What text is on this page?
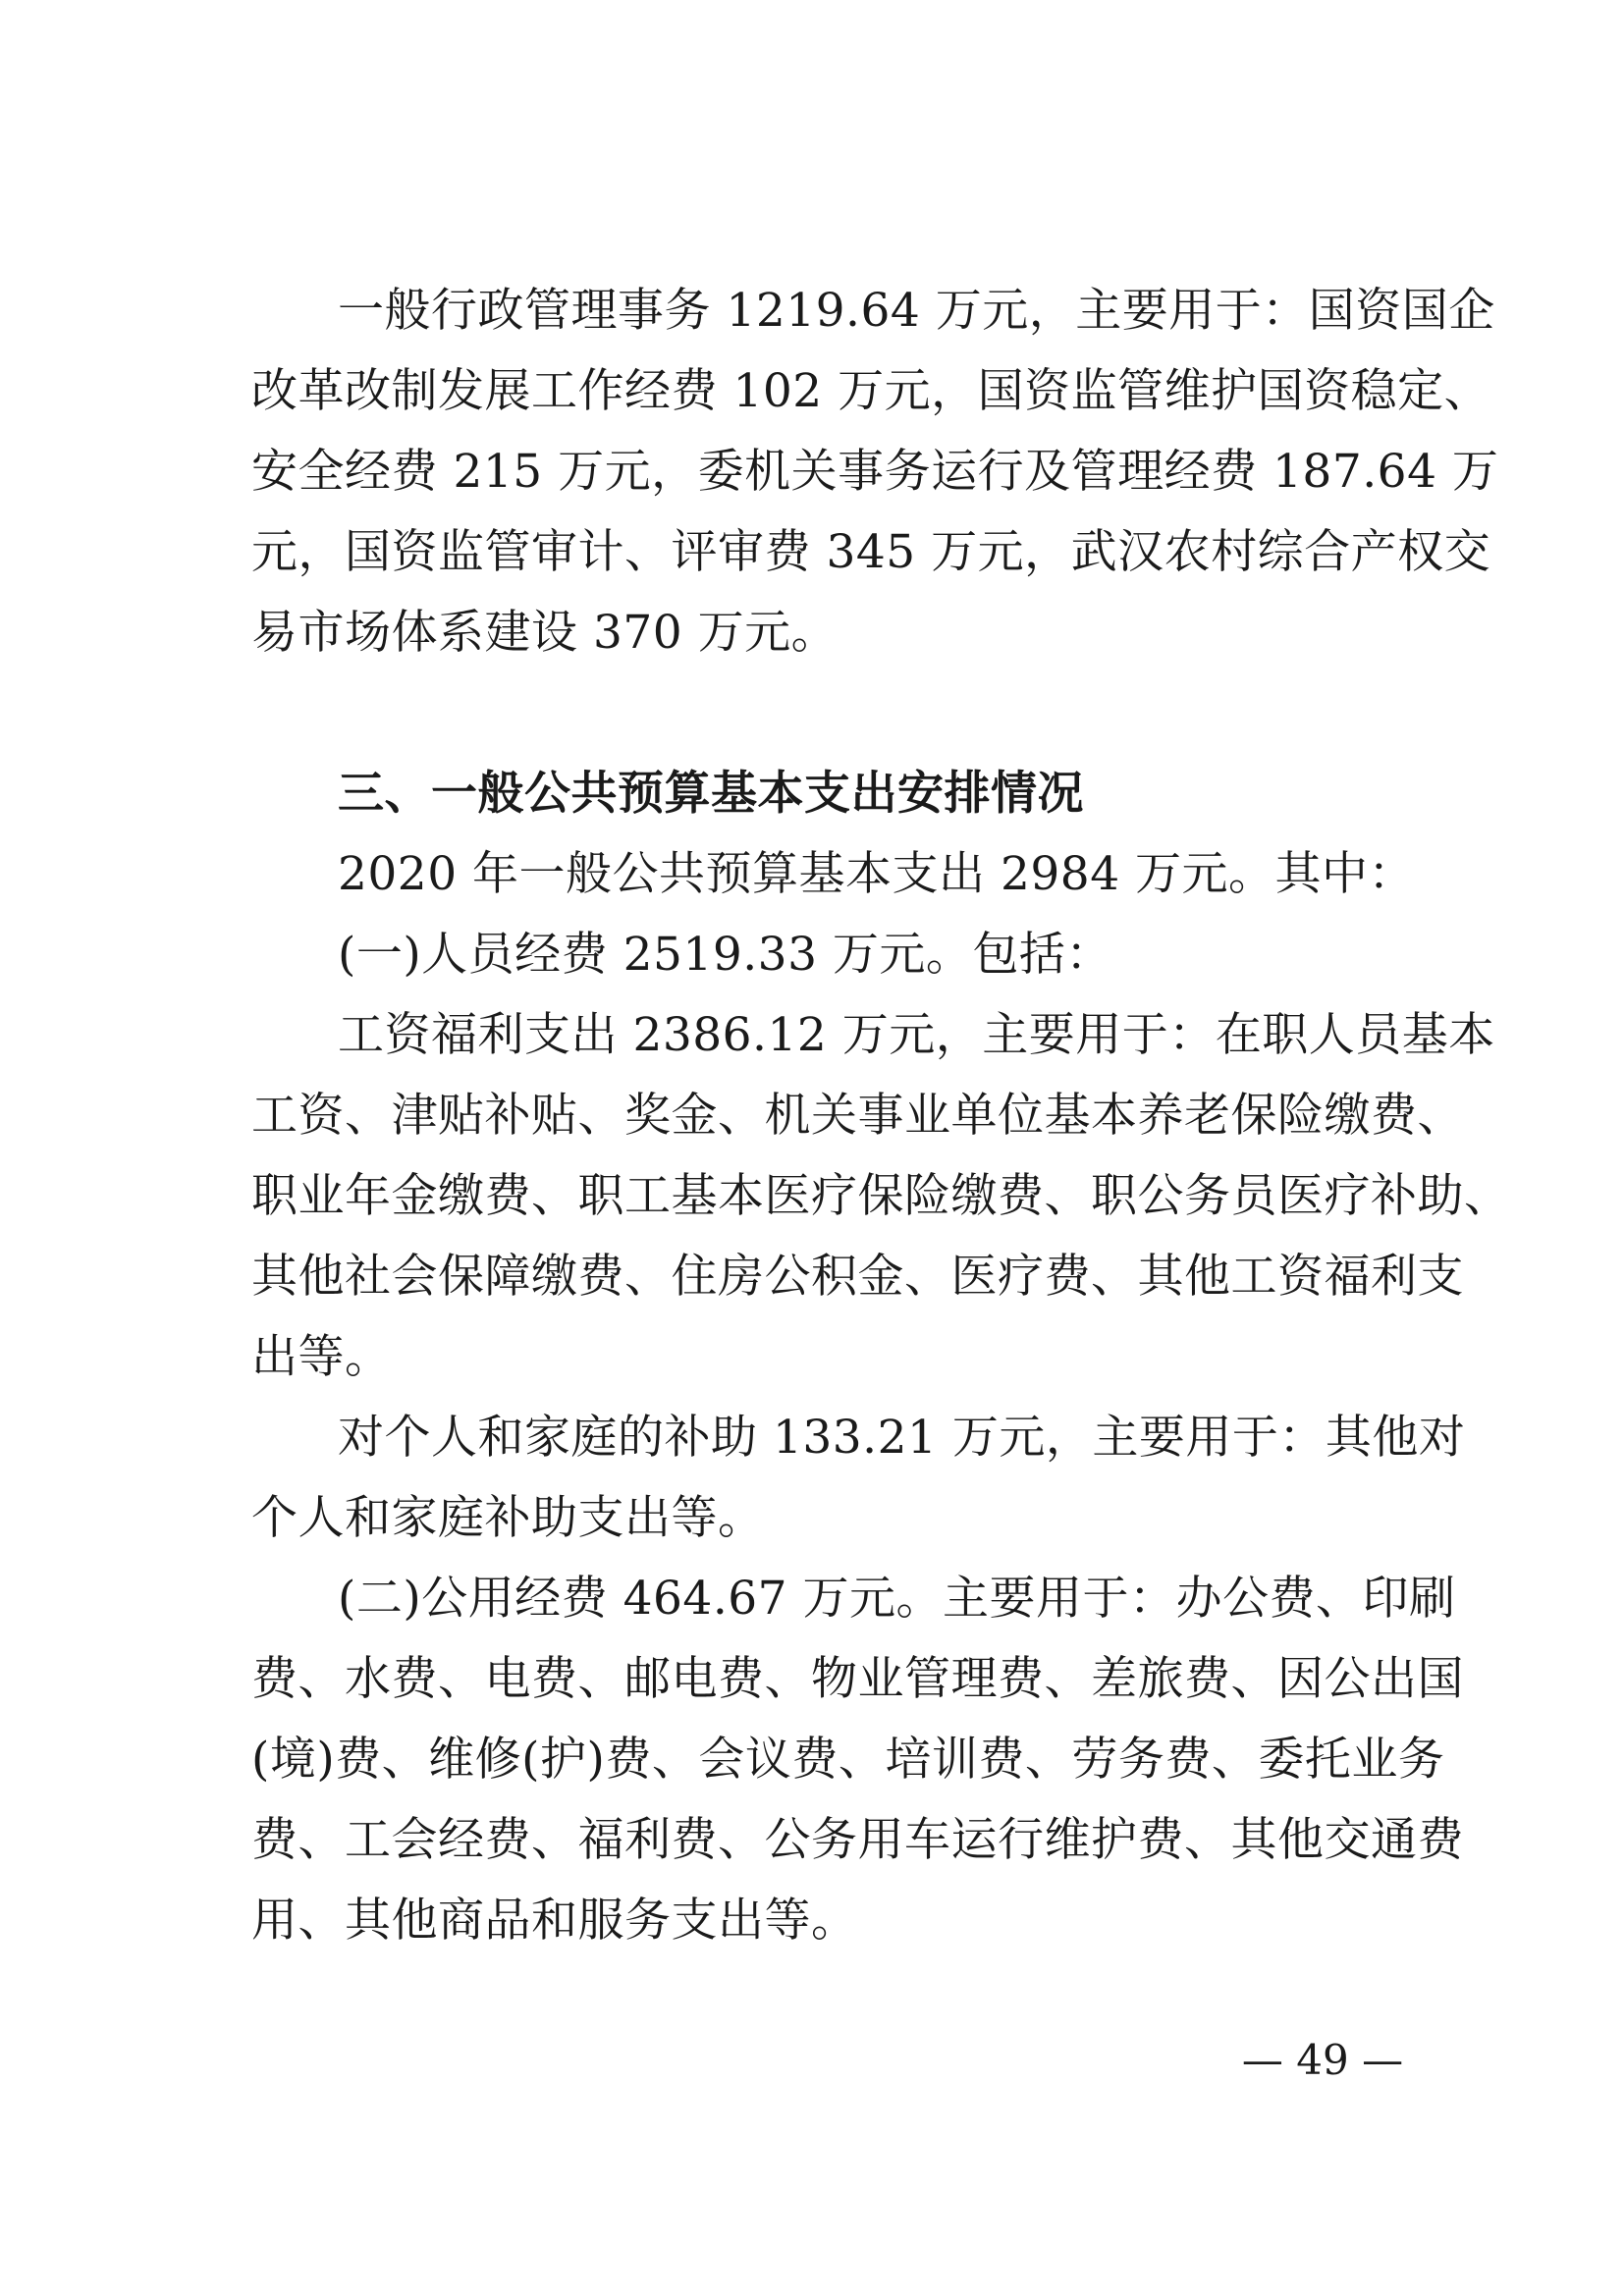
一般行政管理事务 1219.64 万元，主要用于：国资国企
改革改制发展工作经费 102 万元，国资监管维护国资稳定、
安全经费 215 万元，委机关事务运行及管理经费 187.64 万
元，国资监管审计、评审费 345 万元，武汉农村综合产权交
易市场体系建设 370 万元。
三、一般公共预算基本支出安排情况
2020 年一般公共预算基本支出 2984 万元。其中：
(一)人员经费 2519.33 万元。包括：
工资福利支出 2386.12 万元，主要用于：在职人员基本
工资、津贴补贴、奖金、机关事业单位基本养老保险缴费、
职业年金缴费、职工基本医疗保险缴费、职公务员医疗补助、
其他社会保障缴费、住房公积金、医疗费、其他工资福利支
出等。
对个人和家庭的补助 133.21 万元，主要用于：其他对
个人和家庭补助支出等。
(二)公用经费 464.67 万元。主要用于：办公费、印刷
费、水费、电费、邮电费、物业管理费、差旅费、因公出国
(境)费、维修(护)费、会议费、培训费、劳务费、委托业务
费、工会经费、福利费、公务用车运行维护费、其他交通费
用、其他商品和服务支出等。
— 49 —
